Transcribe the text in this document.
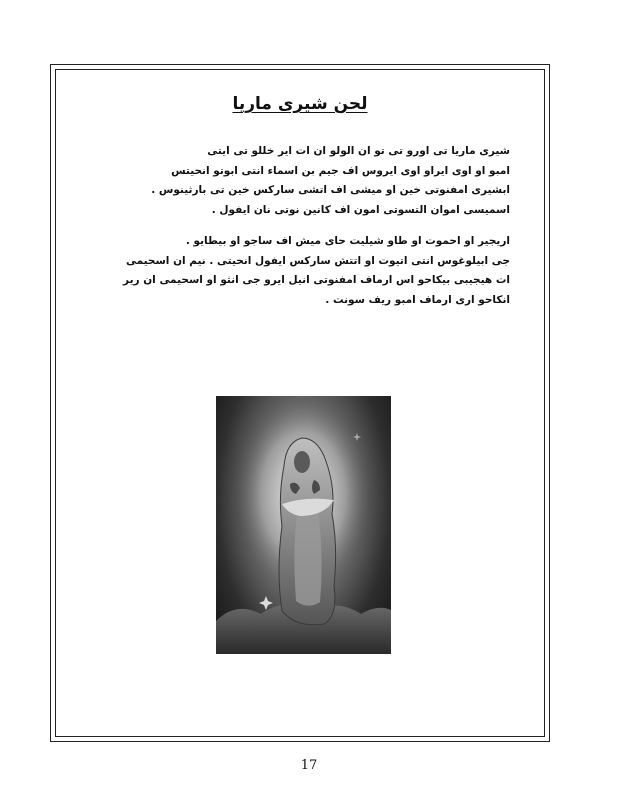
لحن شيرى ماريا
شيرى ماريا تى اورو تى تو ان الولو ان ات اير خللو تى ايتى
امبو او اوى ايراو اوى ايروس اف جيم بن اسماء انتى ابوتو انحيتس
ابشيرى امفنوتى خين او ميشى اف اتشى ساركس خين تى بارثينوس .
اسميسى اموان التسوتى امون اف كانين نوتى نان ايفول .
اريجير او احموت او طاو شيليت حاى ميش اف ساجو او بيطايو .
جى ابيلوغوس انتى اتيوت او اتتش ساركس ايفول انحيتى . نيم ان اسحيمى
ات هيجيبى بيكاحو اس ارماف امفنوتى انيل ايرو جى انثو او اسحيمى ان رير
انكاحو ارى ارماف امبو ريف سونت .
17
